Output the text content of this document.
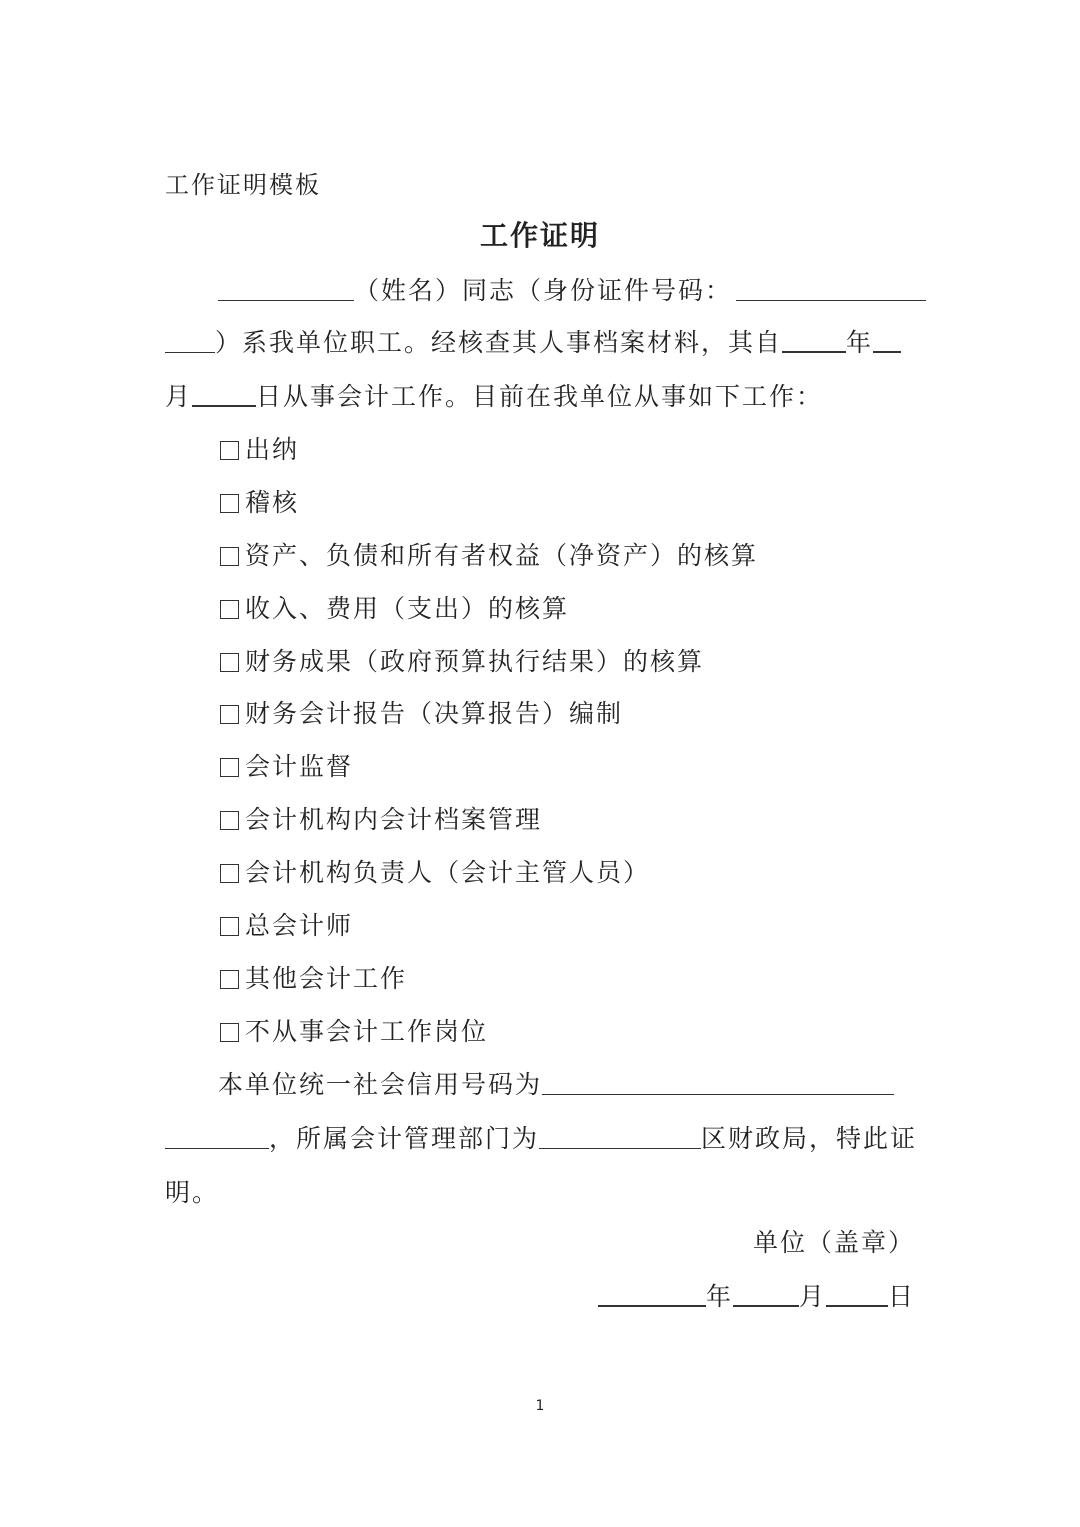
工作证明模板
工作证明
（姓名）同志（身份证件号码：
）系我单位职工。经核查其人事档案材料，其自	年
月	日从事会计工作。目前在我单位从事如下工作：
出纳
稽核
资产、负债和所有者权益（净资产）的核算
收入、费用（支出）的核算
财务成果（政府预算执行结果）的核算
财务会计报告（决算报告）编制
会计监督
会计机构内会计档案管理
会计机构负责人（会计主管人员）
总会计师
其他会计工作
不从事会计工作岗位
本单位统一社会信用号码为
，所属会计管理部门为	区财政局，特此证
明。
单位（盖章）
年	月 日
1
